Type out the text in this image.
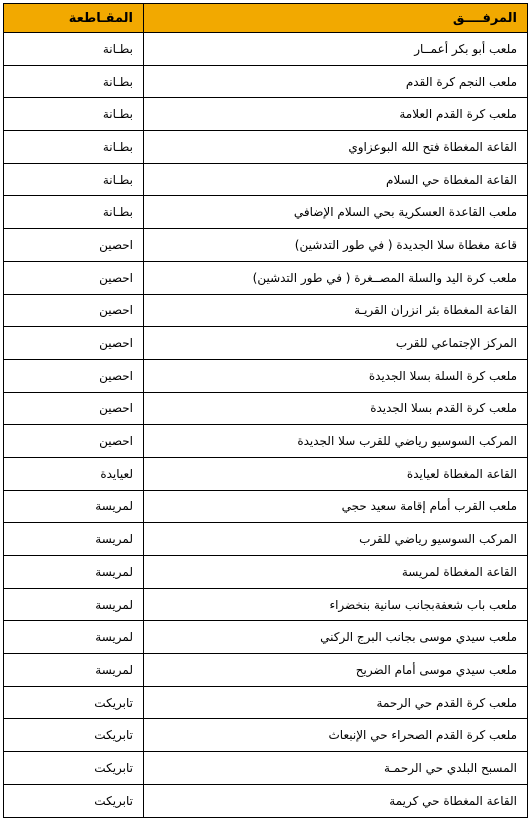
المرفــــق	المقـاطعة
ملعب أبو بكر أعمــار	بطـانة
ملعب النجم كرة القدم	بطـانة
ملعب كرة القدم العلامة	بطـانة
القاعة المغطاة فتح الله البوعزاوي	بطـانة
القاعة المغطاة حي السلام	بطـانة
ملعب القاعدة العسكرية بحي السلام الإضافي	بطـانة
قاعة مغطاة سلا الجديدة ( في طور التدشين)	احصين
ملعب كرة اليد والسلة المصــغرة ( في طور التدشين)	احصين
القاعة المغطاة بئر انزران القريـة	احصين
المركز الإجتماعي للقرب	احصين
ملعب كرة السلة بسلا الجديدة	احصين
ملعب كرة القدم بسلا الجديدة	احصين
المركب السوسيو رياضي للقرب سلا الجديدة	احصين
القاعة المغطاة لعيايدة	لعيايدة
ملعب القرب أمام إقامة سعيد حجي	لمريسة
المركب السوسيو رياضي للقرب	لمريسة
القاعة المغطاة لمريسة	لمريسة
ملعب باب شعفةبجانب سانية بنخضراء	لمريسة
ملعب سيدي موسى بجانب البرج الركني	لمريسة
ملعب سيدي موسى أمام الضريح	لمريسة
ملعب كرة القدم حي الرحمة	تابريكت
ملعب كرة القدم الصحراء حي الإنبعاث	تابريكت
المسبح البلدي حي الرحمـة	تابريكت
القاعة المغطاة حي كريمة	تابريكت
